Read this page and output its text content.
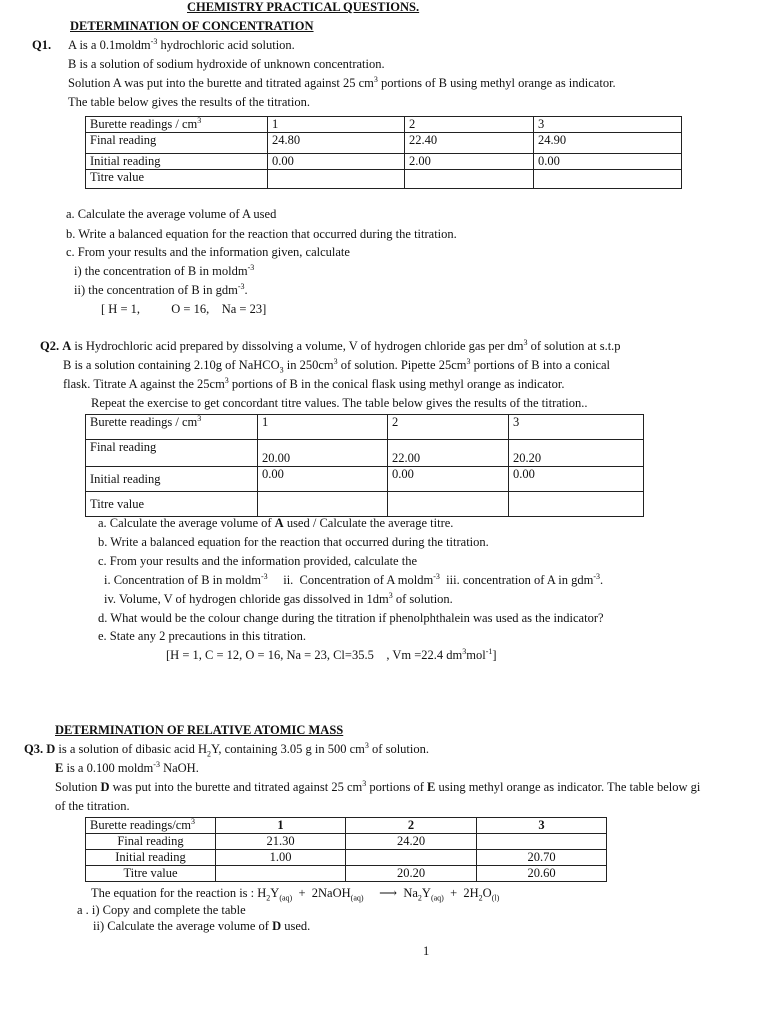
CHEMISTRY PRACTICAL QUESTIONS.
DETERMINATION OF CONCENTRATION
Q1. A is a 0.1moldm$^{-3}$ hydrochloric acid solution.
B is a solution of sodium hydroxide of unknown concentration.
Solution A was put into the burette and titrated against 25 $cm^3$ portions of B using methyl orange as indicator.
The table below gives the results of the titration.
Burette readings / $cm^3$	1	2	3
Final reading	24.80	22.40	24.90
Initial reading	0.00	2.00	0.00
Titre value			
a. Calculate the average volume of A used
b. Write a balanced equation for the reaction that occurred during the titration.
c. From your results and the information given, calculate
i) the concentration of B in moldm$^{-3}$
ii) the concentration of B in gdm$^{-3}$.
[ H = 1,          O = 16,    Na = 23]
Q2. A is Hydrochloric acid prepared by dissolving a volume, V of hydrogen chloride gas per $dm^3$ of solution at s.t.p
B is a solution containing 2.10g of NaHCO$_3$ in $250cm^3$ of solution. Pipette $25cm^3$ portions of B into a conical
flask. Titrate A against the $25cm^3$ portions of B in the conical flask using methyl orange as indicator.
Repeat the exercise to get concordant titre values. The table below gives the results of the titration..
Burette readings / $cm^3$	1	2	3
Final reading	20.00	22.00	20.20
Initial reading	0.00	0.00	0.00
Titre value			
a. Calculate the average volume of A used / Calculate the average titre.
b. Write a balanced equation for the reaction that occurred during the titration.
c. From your results and the information provided, calculate the
i. Concentration of B in moldm$^{-3}$     ii.  Concentration of A moldm$^{-3}$  iii. concentration of A in gdm$^{-3}$.
iv. Volume, V of hydrogen chloride gas dissolved in $1dm^3$ of solution.
d. What would be the colour change during the titration if phenolphthalein was used as the indicator?
e. State any 2 precautions in this titration.
[H = 1, C = 12, O = 16, Na = 23, Cl=35.5    , Vm =22.4 $dm^3mol^{-1}$]
DETERMINATION OF RELATIVE ATOMIC MASS
Q3. D is a solution of dibasic acid $H_2Y$, containing 3.05 g in 500 $cm^3$ of solution.
E is a 0.100 moldm$^{-3}$ NaOH.
Solution D was put into the burette and titrated against 25 $cm^3$ portions of E using methyl orange as indicator. The table below gi
of the titration.
Burette readings/$cm^3$	1	2	3
Final reading	21.30	24.20	
Initial reading	1.00		20.70
Titre value		20.20	20.60
The equation for the reaction is : $H_2Y_{(aq)}$  +  2NaOH$_{(aq)}$     ⟶  $Na_2Y_{(aq)} + 2H_2O_{(l)}$
a . i) Copy and complete the table
ii) Calculate the average volume of D used.
1
